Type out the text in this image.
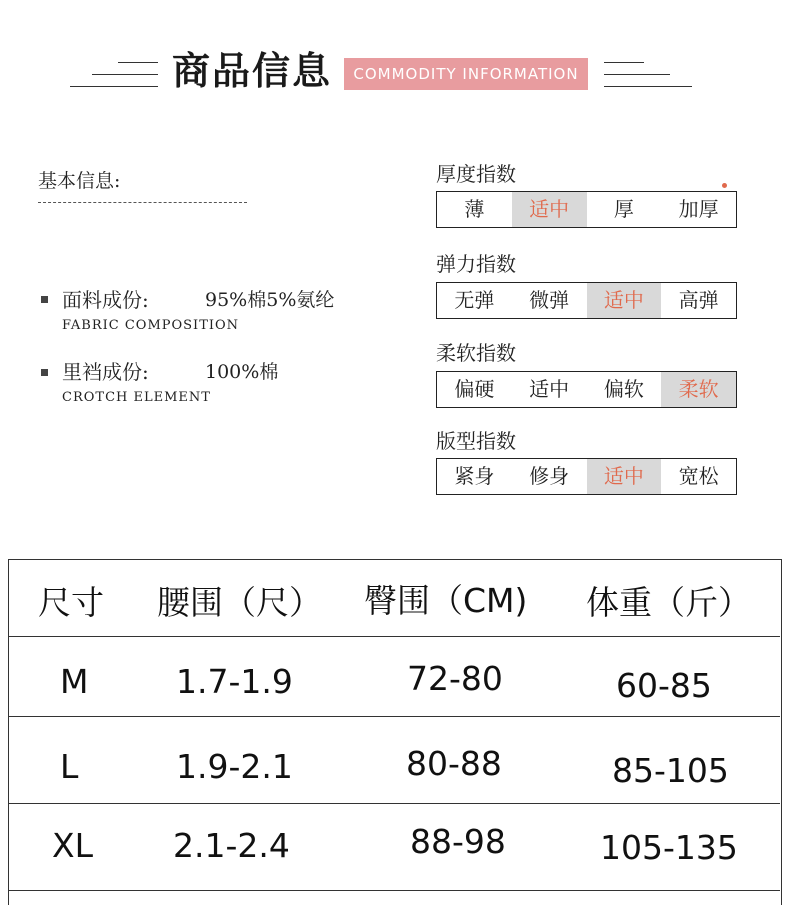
商品信息	COMMODITY INFORMATION
基本信息:
面料成份:	95%棉5%氨纶
FABRIC COMPOSITION
里裆成份:	100%棉
CROTCH ELEMENT
厚度指数
薄	适中	厚	加厚
弹力指数
无弹	微弹	适中	高弹
柔软指数
偏硬	适中	偏软	柔软
版型指数
紧身	修身	适中	宽松
尺寸 腰围（尺） 臀围（CM) 体重（斤）
M	1.7-1.9	72-80	60-85
L	1.9-2.1	80-88	85-105
XL 2.1-2.4	88-98	105-135
